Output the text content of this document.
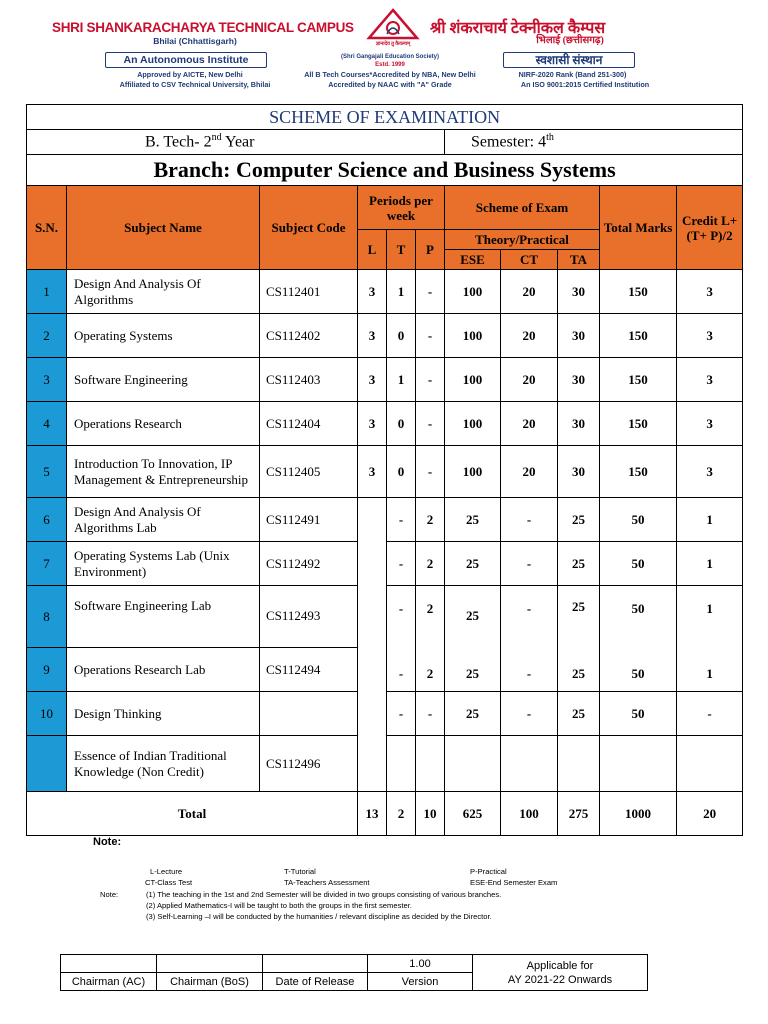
SHRI SHANKARACHARYA TECHNICAL CAMPUS	श्री शंकराचार्य टेक्नीकल कैम्पस
Bhilai (Chhattisgarh)	भिलाई (छत्तीसगढ़)
An Autonomous Institute	स्वशासी संस्थान
Approved by AICTE, New Delhi
Affiliated to CSV Technical University, Bhilai
(Shri Gangajali Education Society)
Estd. 1999
All B Tech Courses*Accredited by NBA, New Delhi
Accredited by NAAC with "A" Grade
NIRF-2020 Rank (Band 251-300)
An ISO 9001:2015 Certified Institution
ज्ञानादेव तु कैवल्यम्
SCHEME OF EXAMINATION										
B. Tech- 2nd Year						Semester: 4th
Branch: Computer Science and Business Systems										
S.N.	Subject Name	Subject Code	Periods per week			Scheme of Exam			Total Marks	Credit L+(T+ P)/2
			L	T	P	Theory/Practical				
						ESE	CT	TA		
1	Design And Analysis Of Algorithms	CS112401	3	1	-	100	20	30	150	3
2	Operating Systems	CS112402	3	0	-	100	20	30	150	3
3	Software Engineering	CS112403	3	1	-	100	20	30	150	3
4	Operations Research	CS112404	3	0	-	100	20	30	150	3
5	Introduction To Innovation, IP Management & Entrepreneurship	CS112405	3	0	-	100	20	30	150	3
6	Design And Analysis Of Algorithms Lab	CS112491		-	2	25	-	25	50	1
7	Operating Systems Lab (Unix Environment)	CS112492		-	2	25	-	25	50	1
8	Software Engineering Lab	CS112493		-	2	25	-	25	50	1
9	Operations Research Lab	CS112494		-	2	25	-	25	50	1
10	Design Thinking			-	-	25	-	25	50	-
	Essence of Indian Traditional Knowledge (Non Credit)	CS112496								
Total			13	2	10	625	100	275	1000	20
Note:
L-Lecture	T-Tutorial	P-Practical
CT-Class Test	TA-Teachers Assessment	ESE-End Semester Exam
Note:	(1) The teaching in the 1st and 2nd Semester will be divided in two groups consisting of various branches.
(2) Applied Mathematics-I will be taught to both the groups in the first semester.
(3) Self-Learning –I will be conducted by the humanities / relevant discipline as decided by the Director.
			1.00	Applicable for
AY 2021-22 Onwards

Chairman (AC)	Chairman (BoS)	Date of Release	Version	
